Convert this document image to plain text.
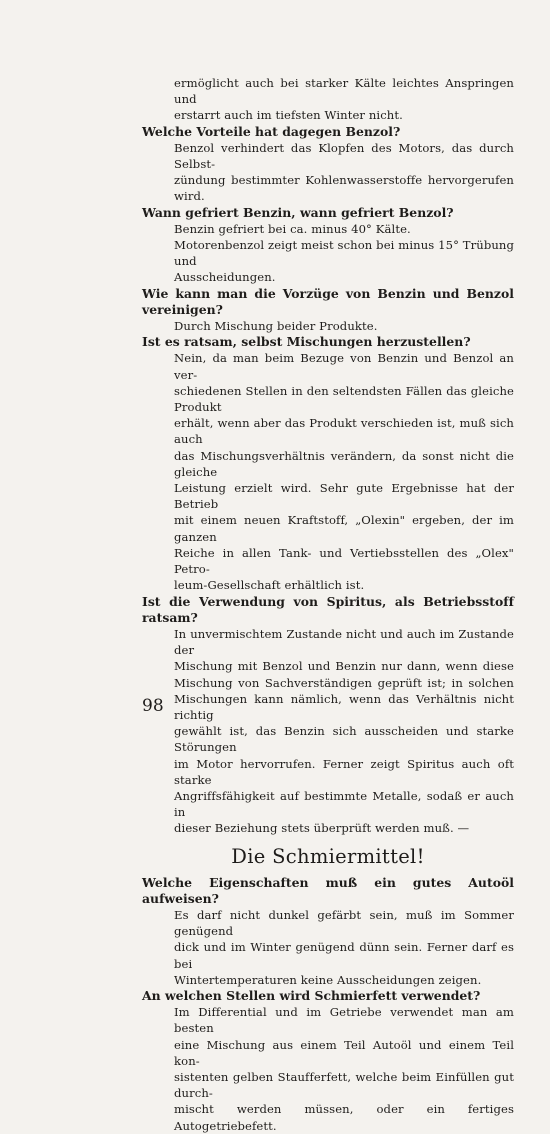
ermöglicht auch bei starker Kälte leichtes Anspringen und
erstarrt auch im tiefsten Winter nicht.

Welche Vorteile hat dagegen Benzol?

Benzol verhindert das Klopfen des Motors, das durch Selbst-
zündung bestimmter Kohlenwasserstoffe hervorgerufen wird.

Wann gefriert Benzin, wann gefriert Benzol?

Benzin gefriert bei ca. minus 40° Kälte.
Motorenbenzol zeigt meist schon bei minus 15° Trübung und
Ausscheidungen.

Wie kann man die Vorzüge von Benzin und Benzol vereinigen?

Durch Mischung beider Produkte.

Ist es ratsam, selbst Mischungen herzustellen?

Nein, da man beim Bezuge von Benzin und Benzol an ver-
schiedenen Stellen in den seltendsten Fällen das gleiche Produkt
erhält, wenn aber das Produkt verschieden ist, muß sich auch
das Mischungsverhältnis verändern, da sonst nicht die gleiche
Leistung erzielt wird. Sehr gute Ergebnisse hat der Betrieb
mit einem neuen Kraftstoff, „Olexin" ergeben, der im ganzen
Reiche in allen Tank- und Vertiebsstellen des „Olex" Petro-
leum-Gesellschaft erhältlich ist.

Ist die Verwendung von Spiritus, als Betriebsstoff ratsam?

In unvermischtem Zustande nicht und auch im Zustande der
Mischung mit Benzol und Benzin nur dann, wenn diese
Mischung von Sachverständigen geprüft ist; in solchen
Mischungen kann nämlich, wenn das Verhältnis nicht richtig
gewählt ist, das Benzin sich ausscheiden und starke Störungen
im Motor hervorrufen. Ferner zeigt Spiritus auch oft starke
Angriffsfähigkeit auf bestimmte Metalle, sodaß er auch in
dieser Beziehung stets überprüft werden muß. —

Die Schmiermittel!

Welche Eigenschaften muß ein gutes Autoöl aufweisen?

Es darf nicht dunkel gefärbt sein, muß im Sommer genügend
dick und im Winter genügend dünn sein. Ferner darf es bei
Wintertemperaturen keine Ausscheidungen zeigen.

An welchen Stellen wird Schmierfett verwendet?

Im Differential und im Getriebe verwendet man am besten
eine Mischung aus einem Teil Autoöl und einem Teil kon-
sistenten gelben Staufferfett, welche beim Einfüllen gut durch-
mischt werden müssen, oder ein fertiges Autogetriebefett.

98
